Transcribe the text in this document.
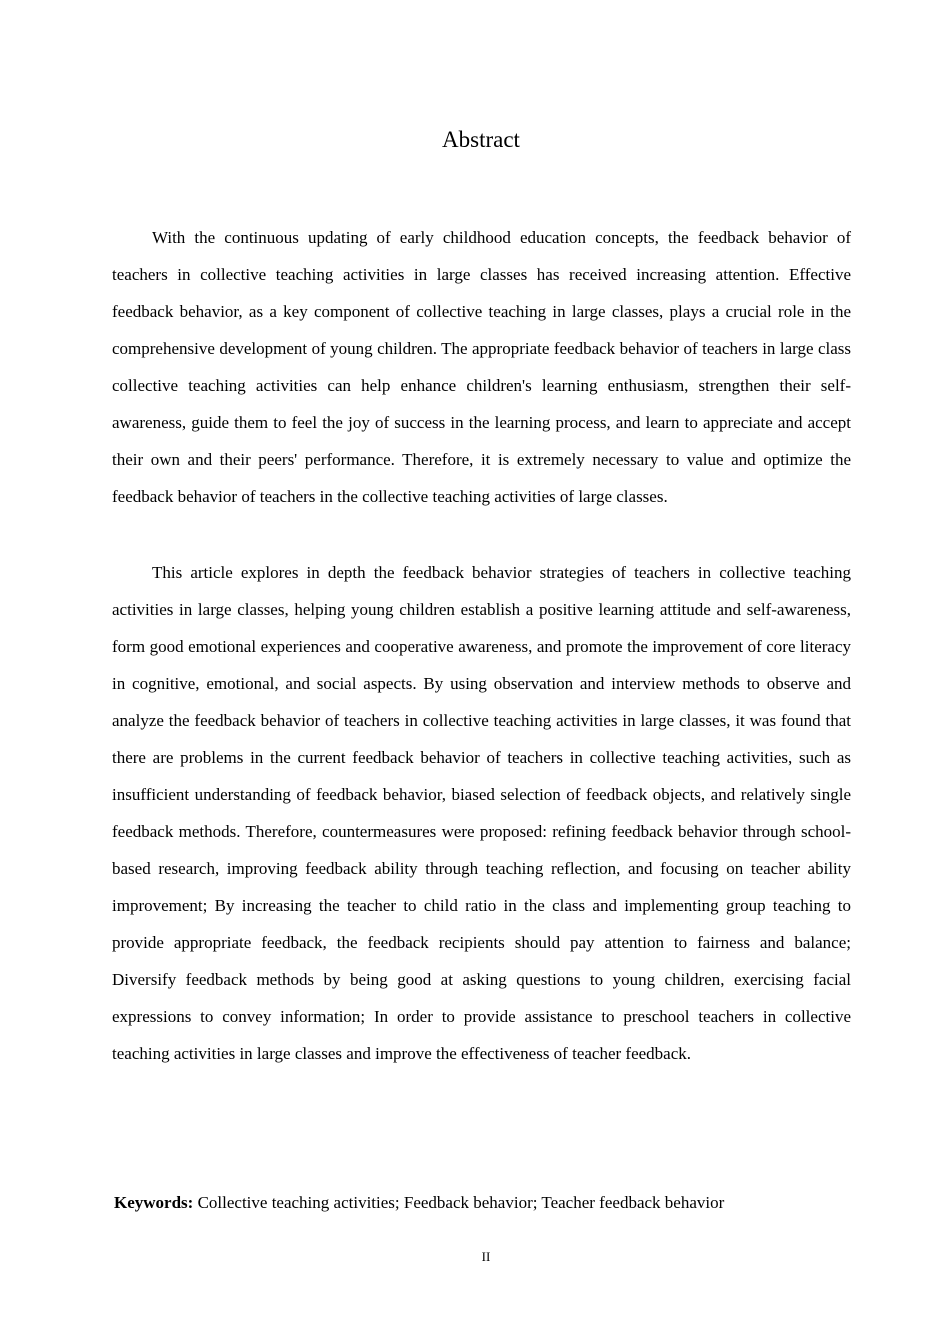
Abstract

With the continuous updating of early childhood education concepts, the feedback behavior of teachers in collective teaching activities in large classes has received increasing attention. Effective feedback behavior, as a key component of collective teaching in large classes, plays a crucial role in the comprehensive development of young children. The appropriate feedback behavior of teachers in large class collective teaching activities can help enhance children's learning enthusiasm, strengthen their self-awareness, guide them to feel the joy of success in the learning process, and learn to appreciate and accept their own and their peers' performance. Therefore, it is extremely necessary to value and optimize the feedback behavior of teachers in the collective teaching activities of large classes.

This article explores in depth the feedback behavior strategies of teachers in collective teaching activities in large classes, helping young children establish a positive learning attitude and self-awareness, form good emotional experiences and cooperative awareness, and promote the improvement of core literacy in cognitive, emotional, and social aspects. By using observation and interview methods to observe and analyze the feedback behavior of teachers in collective teaching activities in large classes, it was found that there are problems in the current feedback behavior of teachers in collective teaching activities, such as insufficient understanding of feedback behavior, biased selection of feedback objects, and relatively single feedback methods. Therefore, countermeasures were proposed: refining feedback behavior through school-based research, improving feedback ability through teaching reflection, and focusing on teacher ability improvement; By increasing the teacher to child ratio in the class and implementing group teaching to provide appropriate feedback, the feedback recipients should pay attention to fairness and balance; Diversify feedback methods by being good at asking questions to young children, exercising facial expressions to convey information; In order to provide assistance to preschool teachers in collective teaching activities in large classes and improve the effectiveness of teacher feedback.

Keywords: Collective teaching activities; Feedback behavior; Teacher feedback behavior

II
